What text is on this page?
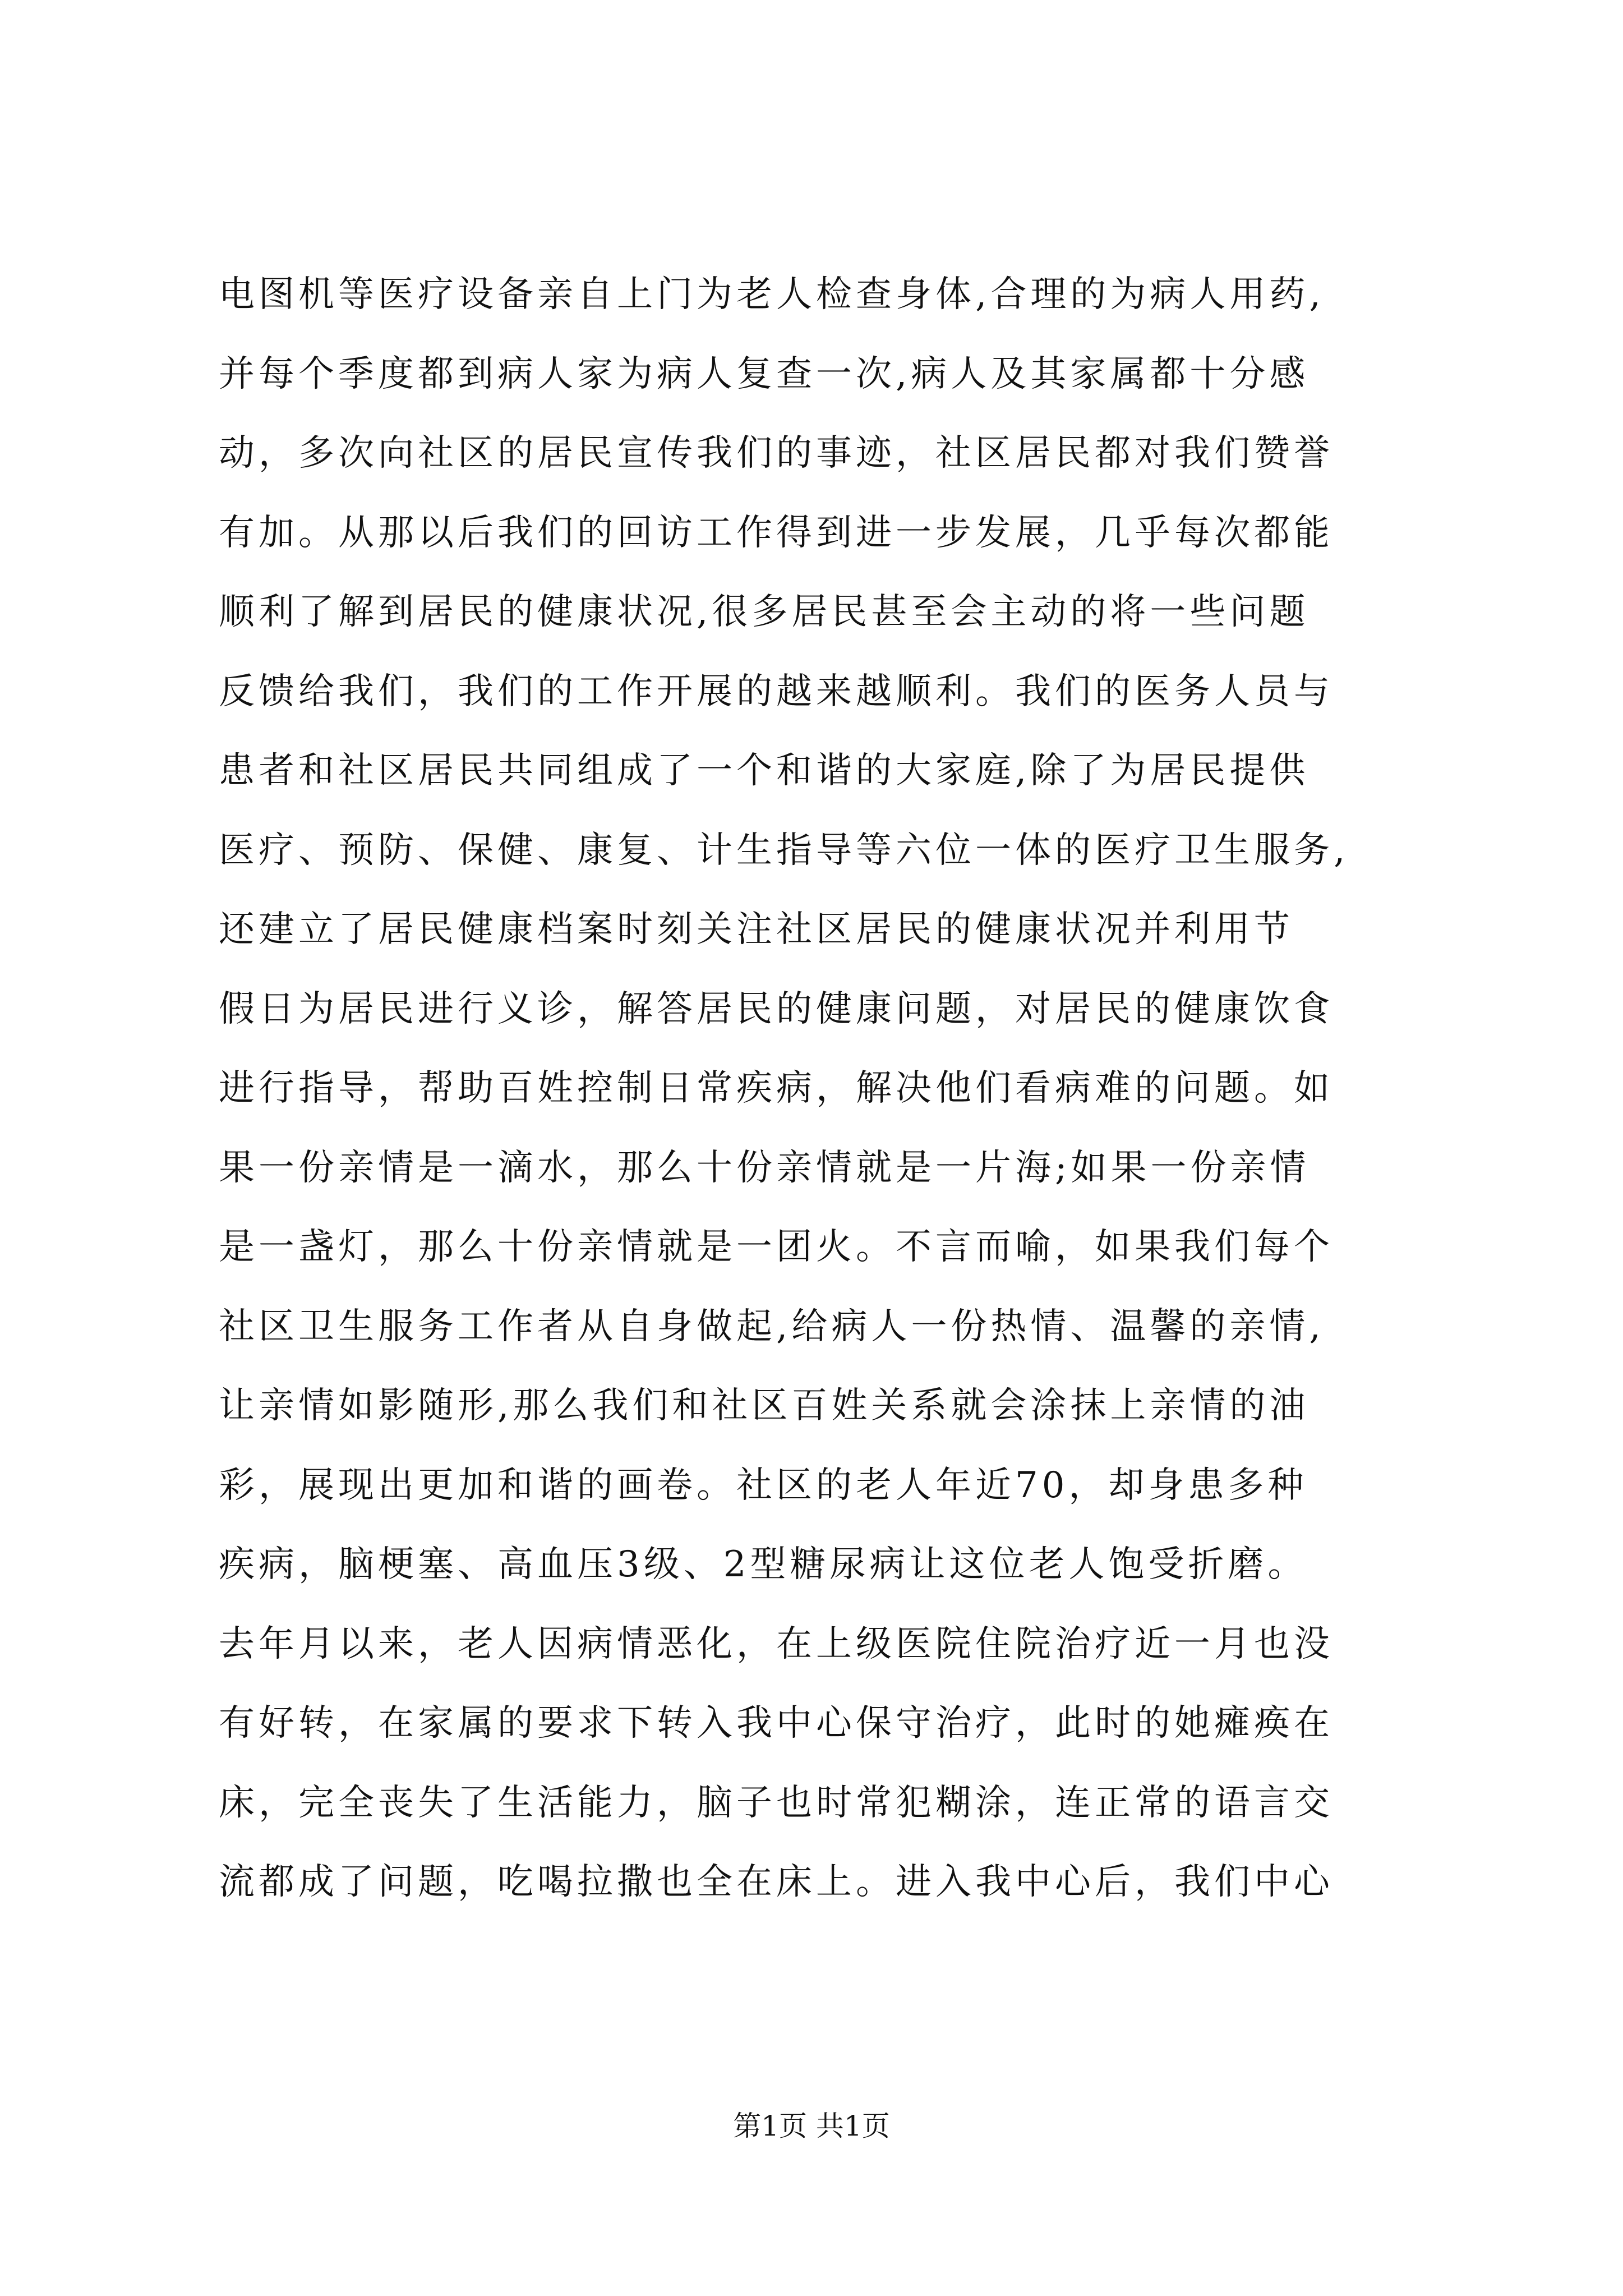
电图机等医疗设备亲自上门为老人检查身体,合理的为病人用药,
并每个季度都到病人家为病人复查一次,病人及其家属都十分感
动，多次向社区的居民宣传我们的事迹，社区居民都对我们赞誉
有加。从那以后我们的回访工作得到进一步发展，几乎每次都能
顺利了解到居民的健康状况,很多居民甚至会主动的将一些问题
反馈给我们，我们的工作开展的越来越顺利。我们的医务人员与
患者和社区居民共同组成了一个和谐的大家庭,除了为居民提供
医疗、预防、保健、康复、计生指导等六位一体的医疗卫生服务,
还建立了居民健康档案时刻关注社区居民的健康状况并利用节
假日为居民进行义诊，解答居民的健康问题，对居民的健康饮食
进行指导，帮助百姓控制日常疾病，解决他们看病难的问题。如
果一份亲情是一滴水，那么十份亲情就是一片海;如果一份亲情
是一盏灯，那么十份亲情就是一团火。不言而喻，如果我们每个
社区卫生服务工作者从自身做起,给病人一份热情、温馨的亲情,
让亲情如影随形,那么我们和社区百姓关系就会涂抹上亲情的油
彩，展现出更加和谐的画卷。社区的老人年近70，却身患多种
疾病，脑梗塞、高血压3级、2型糖尿病让这位老人饱受折磨。
去年月以来，老人因病情恶化，在上级医院住院治疗近一月也没
有好转，在家属的要求下转入我中心保守治疗，此时的她瘫痪在
床，完全丧失了生活能力，脑子也时常犯糊涂，连正常的语言交
流都成了问题，吃喝拉撒也全在床上。进入我中心后，我们中心
第1页 共1页
